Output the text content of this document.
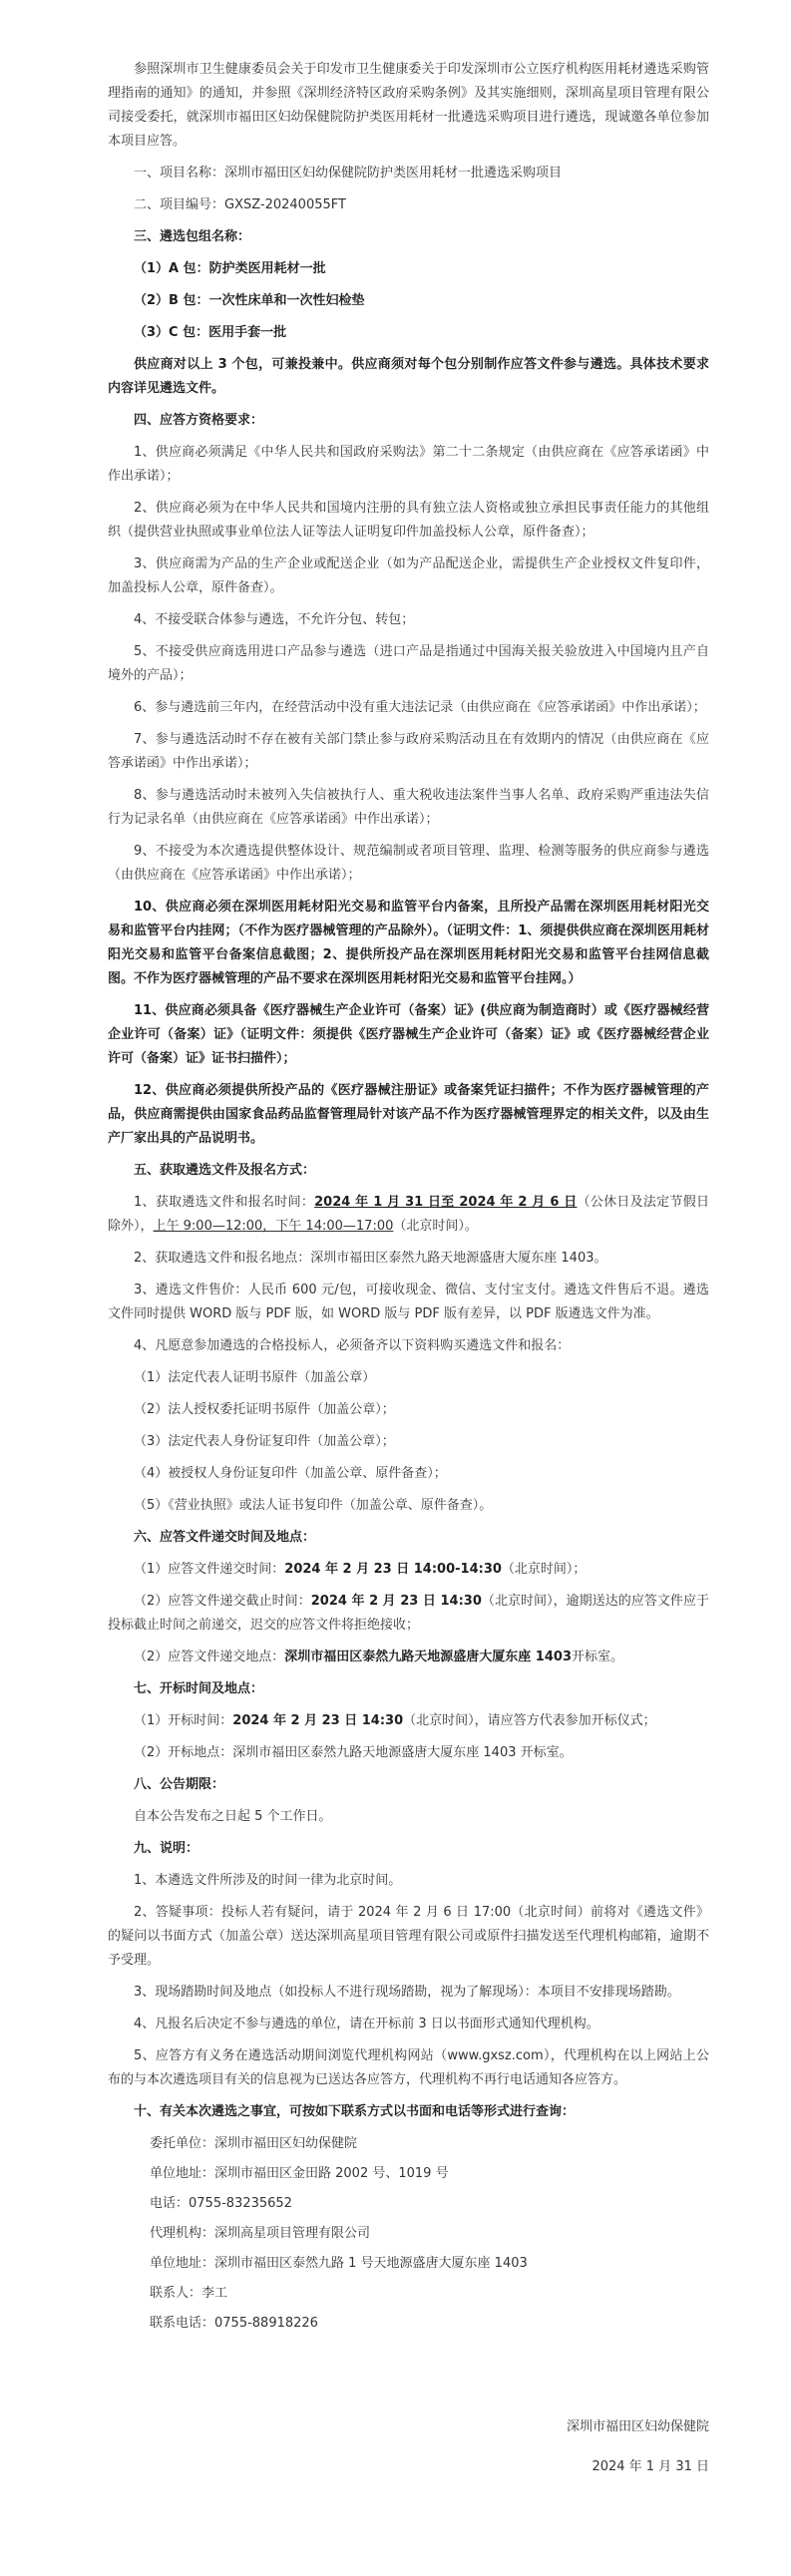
参照深圳市卫生健康委员会关于印发市卫生健康委关于印发深圳市公立医疗机构医用耗材遴选采购管理指南的通知》的通知，并参照《深圳经济特区政府采购条例》及其实施细则，深圳高星项目管理有限公司接受委托，就深圳市福田区妇幼保健院防护类医用耗材一批遴选采购项目进行遴选，现诚邀各单位参加本项目应答。

一、项目名称：深圳市福田区妇幼保健院防护类医用耗材一批遴选采购项目

二、项目编号：GXSZ-20240055FT

三、遴选包组名称：

（1）A 包：防护类医用耗材一批

（2）B 包：一次性床单和一次性妇检垫

（3）C 包：医用手套一批

供应商对以上 3 个包，可兼投兼中。供应商须对每个包分别制作应答文件参与遴选。具体技术要求内容详见遴选文件。

四、应答方资格要求：

1、供应商必须满足《中华人民共和国政府采购法》第二十二条规定（由供应商在《应答承诺函》中作出承诺）；

2、供应商必须为在中华人民共和国境内注册的具有独立法人资格或独立承担民事责任能力的其他组织（提供营业执照或事业单位法人证等法人证明复印件加盖投标人公章，原件备查）；

3、供应商需为产品的生产企业或配送企业（如为产品配送企业，需提供生产企业授权文件复印件，加盖投标人公章，原件备查）。

4、不接受联合体参与遴选，不允许分包、转包；

5、不接受供应商选用进口产品参与遴选（进口产品是指通过中国海关报关验放进入中国境内且产自境外的产品）；

6、参与遴选前三年内，在经营活动中没有重大违法记录（由供应商在《应答承诺函》中作出承诺）；

7、参与遴选活动时不存在被有关部门禁止参与政府采购活动且在有效期内的情况（由供应商在《应答承诺函》中作出承诺）；

8、参与遴选活动时未被列入失信被执行人、重大税收违法案件当事人名单、政府采购严重违法失信行为记录名单（由供应商在《应答承诺函》中作出承诺）；

9、不接受为本次遴选提供整体设计、规范编制或者项目管理、监理、检测等服务的供应商参与遴选（由供应商在《应答承诺函》中作出承诺）；

10、供应商必须在深圳医用耗材阳光交易和监管平台内备案，且所投产品需在深圳医用耗材阳光交易和监管平台内挂网；（不作为医疗器械管理的产品除外）。（证明文件：1、须提供供应商在深圳医用耗材阳光交易和监管平台备案信息截图；2、提供所投产品在深圳医用耗材阳光交易和监管平台挂网信息截图。不作为医疗器械管理的产品不要求在深圳医用耗材阳光交易和监管平台挂网。）

11、供应商必须具备《医疗器械生产企业许可（备案）证》(供应商为制造商时）或《医疗器械经营企业许可（备案）证》（证明文件：须提供《医疗器械生产企业许可（备案）证》或《医疗器械经营企业许可（备案）证》证书扫描件）；

12、供应商必须提供所投产品的《医疗器械注册证》或备案凭证扫描件；不作为医疗器械管理的产品，供应商需提供由国家食品药品监督管理局针对该产品不作为医疗器械管理界定的相关文件，以及由生产厂家出具的产品说明书。

五、获取遴选文件及报名方式：

1、获取遴选文件和报名时间：2024 年 1 月 31 日至 2024 年 2 月 6 日（公休日及法定节假日除外），上午 9:00—12:00，下午 14:00—17:00（北京时间）。

2、获取遴选文件和报名地点：深圳市福田区泰然九路天地源盛唐大厦东座 1403。

3、遴选文件售价：人民币 600 元/包，可接收现金、微信、支付宝支付。遴选文件售后不退。遴选文件同时提供 WORD 版与 PDF 版，如 WORD 版与 PDF 版有差异，以 PDF 版遴选文件为准。

4、凡愿意参加遴选的合格投标人，必须备齐以下资料购买遴选文件和报名：

（1）法定代表人证明书原件（加盖公章）

（2）法人授权委托证明书原件（加盖公章）；

（3）法定代表人身份证复印件（加盖公章）；

（4）被授权人身份证复印件（加盖公章、原件备查）；

（5）《营业执照》或法人证书复印件（加盖公章、原件备查）。

六、应答文件递交时间及地点：

（1）应答文件递交时间：2024 年 2 月 23 日 14:00-14:30（北京时间）；

（2）应答文件递交截止时间：2024 年 2 月 23 日 14:30（北京时间），逾期送达的应答文件应于投标截止时间之前递交，迟交的应答文件将拒绝接收；

（2）应答文件递交地点：深圳市福田区泰然九路天地源盛唐大厦东座 1403开标室。

七、开标时间及地点：

（1）开标时间：2024 年 2 月 23 日 14:30（北京时间），请应答方代表参加开标仪式；

（2）开标地点：深圳市福田区泰然九路天地源盛唐大厦东座 1403 开标室。

八、公告期限：

自本公告发布之日起 5 个工作日。

九、说明：

1、本遴选文件所涉及的时间一律为北京时间。

2、答疑事项：投标人若有疑问，请于 2024 年 2 月 6 日 17:00（北京时间）前将对《遴选文件》的疑问以书面方式（加盖公章）送达深圳高星项目管理有限公司或原件扫描发送至代理机构邮箱，逾期不予受理。

3、现场踏勘时间及地点（如投标人不进行现场踏勘，视为了解现场）：本项目不安排现场踏勘。

4、凡报名后决定不参与遴选的单位，请在开标前 3 日以书面形式通知代理机构。

5、应答方有义务在遴选活动期间浏览代理机构网站（www.gxsz.com），代理机构在以上网站上公布的与本次遴选项目有关的信息视为已送达各应答方，代理机构不再行电话通知各应答方。

十、有关本次遴选之事宜，可按如下联系方式以书面和电话等形式进行查询：

委托单位：深圳市福田区妇幼保健院

单位地址：深圳市福田区金田路 2002 号、1019 号

电话：0755-83235652

代理机构：深圳高星项目管理有限公司

单位地址：深圳市福田区泰然九路 1 号天地源盛唐大厦东座 1403

联系人：李工

联系电话：0755-88918226

深圳市福田区妇幼保健院

2024 年 1 月 31 日
